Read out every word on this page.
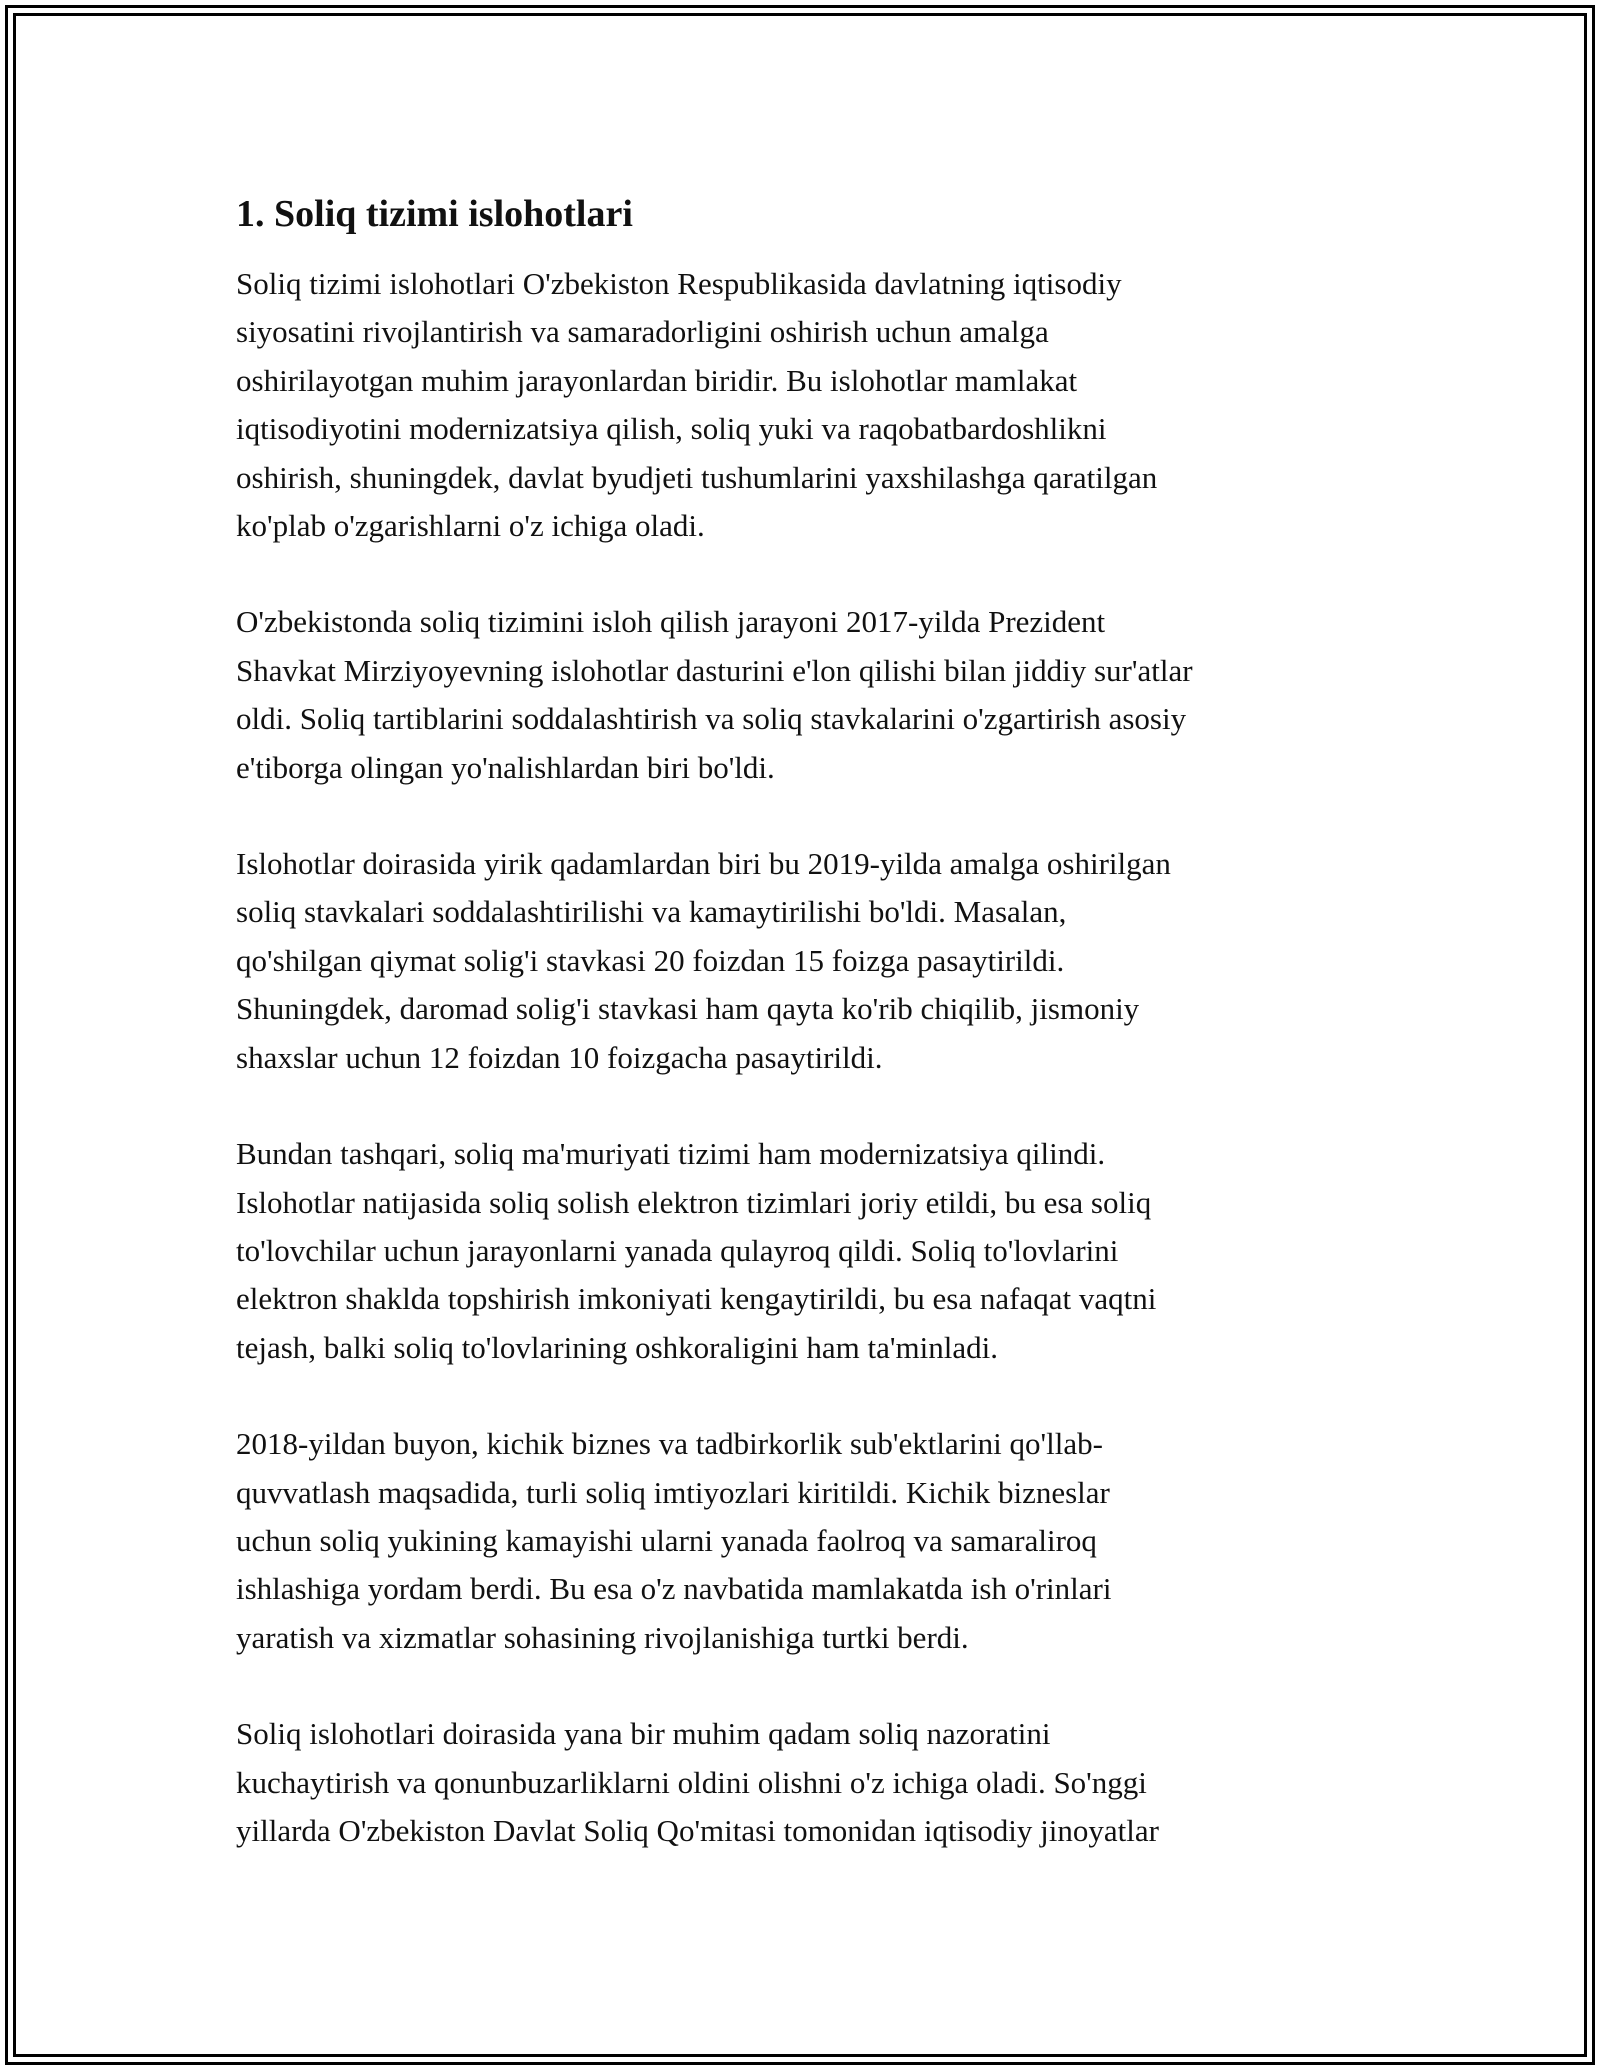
1. Soliq tizimi islohotlari

Soliq tizimi islohotlari O'zbekiston Respublikasida davlatning iqtisodiy
siyosatini rivojlantirish va samaradorligini oshirish uchun amalga
oshirilayotgan muhim jarayonlardan biridir. Bu islohotlar mamlakat
iqtisodiyotini modernizatsiya qilish, soliq yuki va raqobatbardoshlikni
oshirish, shuningdek, davlat byudjeti tushumlarini yaxshilashga qaratilgan
ko'plab o'zgarishlarni o'z ichiga oladi.

O'zbekistonda soliq tizimini isloh qilish jarayoni 2017-yilda Prezident
Shavkat Mirziyoyevning islohotlar dasturini e'lon qilishi bilan jiddiy sur'atlar
oldi. Soliq tartiblarini soddalashtirish va soliq stavkalarini o'zgartirish asosiy
e'tiborga olingan yo'nalishlardan biri bo'ldi.

Islohotlar doirasida yirik qadamlardan biri bu 2019-yilda amalga oshirilgan
soliq stavkalari soddalashtirilishi va kamaytirilishi bo'ldi. Masalan,
qo'shilgan qiymat solig'i stavkasi 20 foizdan 15 foizga pasaytirildi.
Shuningdek, daromad solig'i stavkasi ham qayta ko'rib chiqilib, jismoniy
shaxslar uchun 12 foizdan 10 foizgacha pasaytirildi.

Bundan tashqari, soliq ma'muriyati tizimi ham modernizatsiya qilindi.
Islohotlar natijasida soliq solish elektron tizimlari joriy etildi, bu esa soliq
to'lovchilar uchun jarayonlarni yanada qulayroq qildi. Soliq to'lovlarini
elektron shaklda topshirish imkoniyati kengaytirildi, bu esa nafaqat vaqtni
tejash, balki soliq to'lovlarining oshkoraligini ham ta'minladi.

2018-yildan buyon, kichik biznes va tadbirkorlik sub'ektlarini qo'llab-
quvvatlash maqsadida, turli soliq imtiyozlari kiritildi. Kichik bizneslar
uchun soliq yukining kamayishi ularni yanada faolroq va samaraliroq
ishlashiga yordam berdi. Bu esa o'z navbatida mamlakatda ish o'rinlari
yaratish va xizmatlar sohasining rivojlanishiga turtki berdi.

Soliq islohotlari doirasida yana bir muhim qadam soliq nazoratini
kuchaytirish va qonunbuzarliklarni oldini olishni o'z ichiga oladi. So'nggi
yillarda O'zbekiston Davlat Soliq Qo'mitasi tomonidan iqtisodiy jinoyatlar
